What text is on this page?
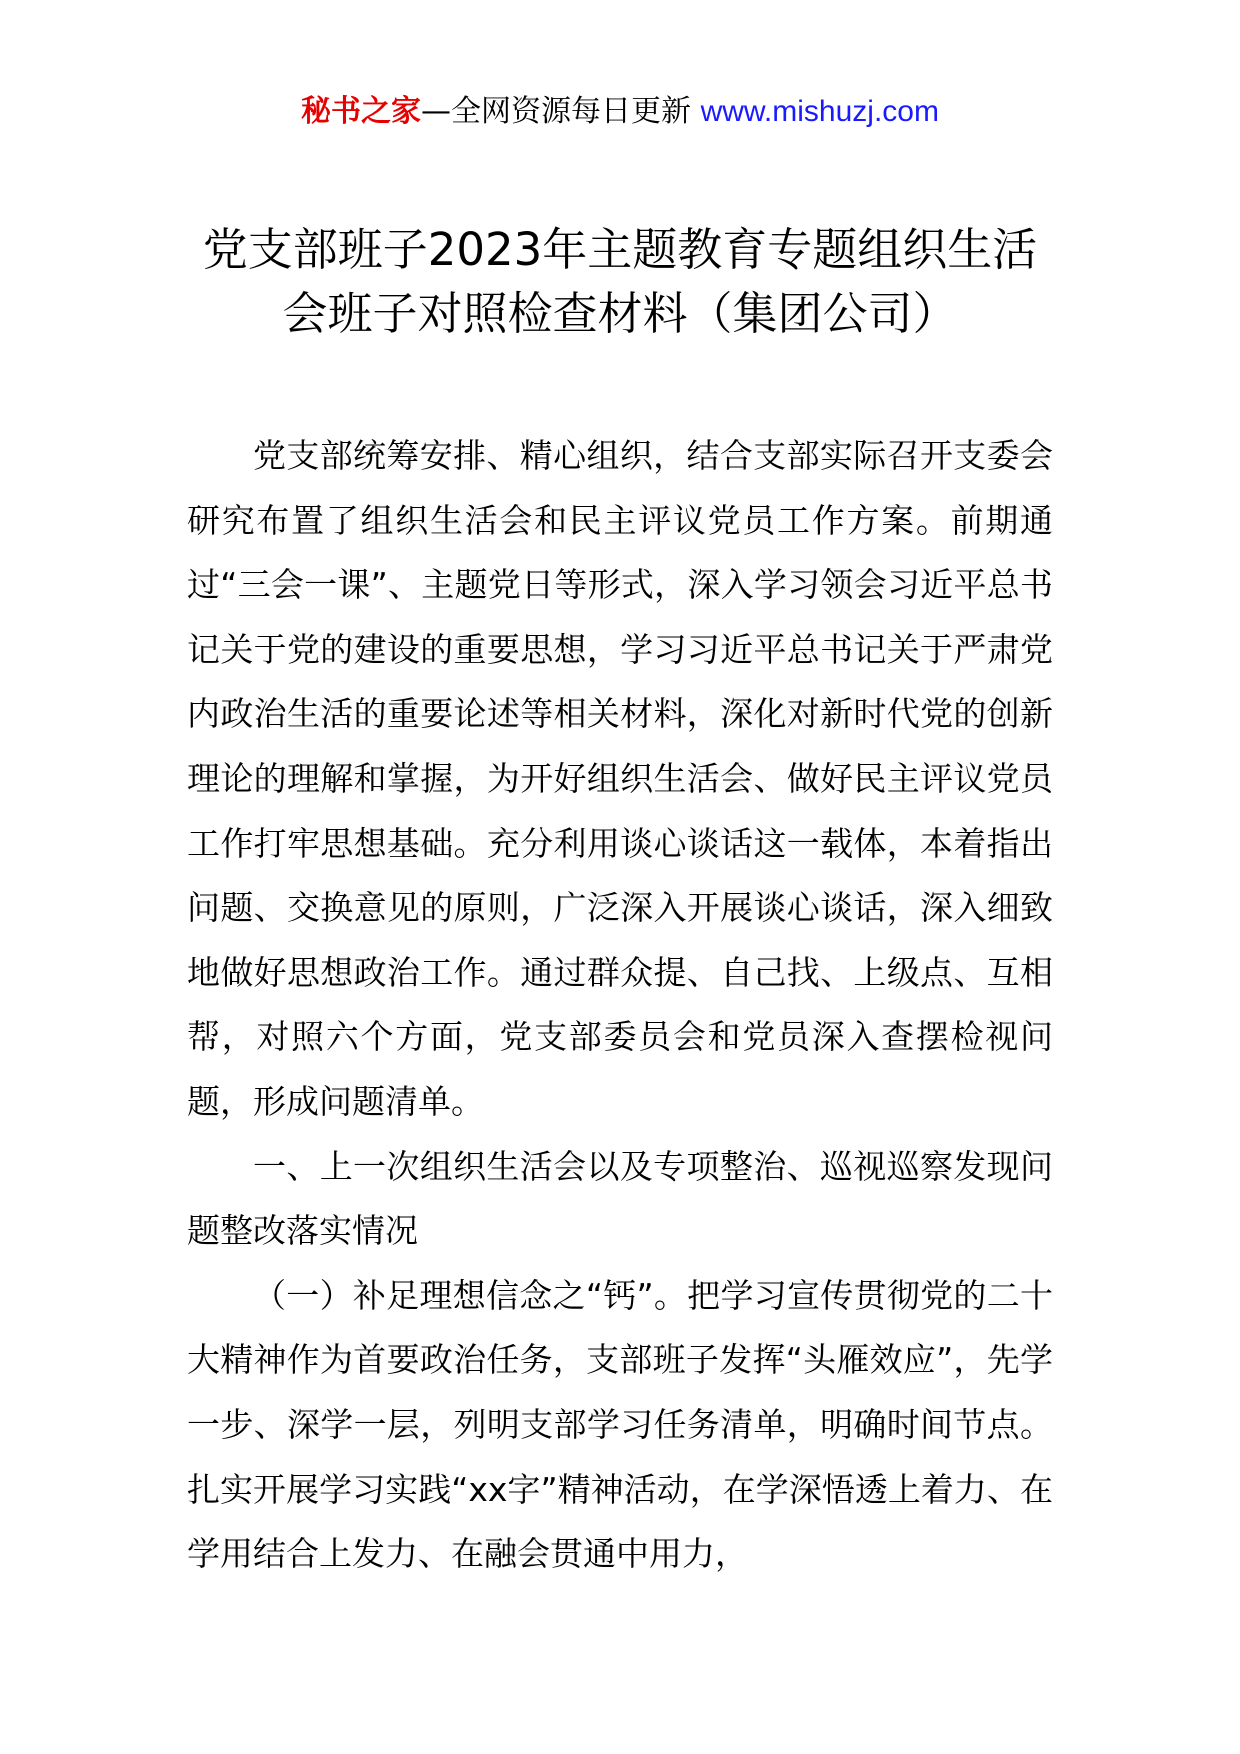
秘书之家—全网资源每日更新 www.mishuzj.com
党支部班子2023年主题教育专题组织生活
会班子对照检查材料（集团公司）

党支部统筹安排、精心组织，结合支部实际召开支委会研究布置了组织生活会和民主评议党员工作方案。前期通过“三会一课”、主题党日等形式，深入学习领会习近平总书记关于党的建设的重要思想，学习习近平总书记关于严肃党内政治生活的重要论述等相关材料，深化对新时代党的创新理论的理解和掌握，为开好组织生活会、做好民主评议党员工作打牢思想基础。充分利用谈心谈话这一载体，本着指出问题、交换意见的原则，广泛深入开展谈心谈话，深入细致地做好思想政治工作。通过群众提、自己找、上级点、互相帮，对照六个方面，党支部委员会和党员深入查摆检视问题，形成问题清单。

一、上一次组织生活会以及专项整治、巡视巡察发现问题整改落实情况

（一）补足理想信念之“钙”。把学习宣传贯彻党的二十大精神作为首要政治任务，支部班子发挥“头雁效应”，先学一步、深学一层，列明支部学习任务清单，明确时间节点。扎实开展学习实践“xx字”精神活动，在学深悟透上着力、在学用结合上发力、在融会贯通中用力，
